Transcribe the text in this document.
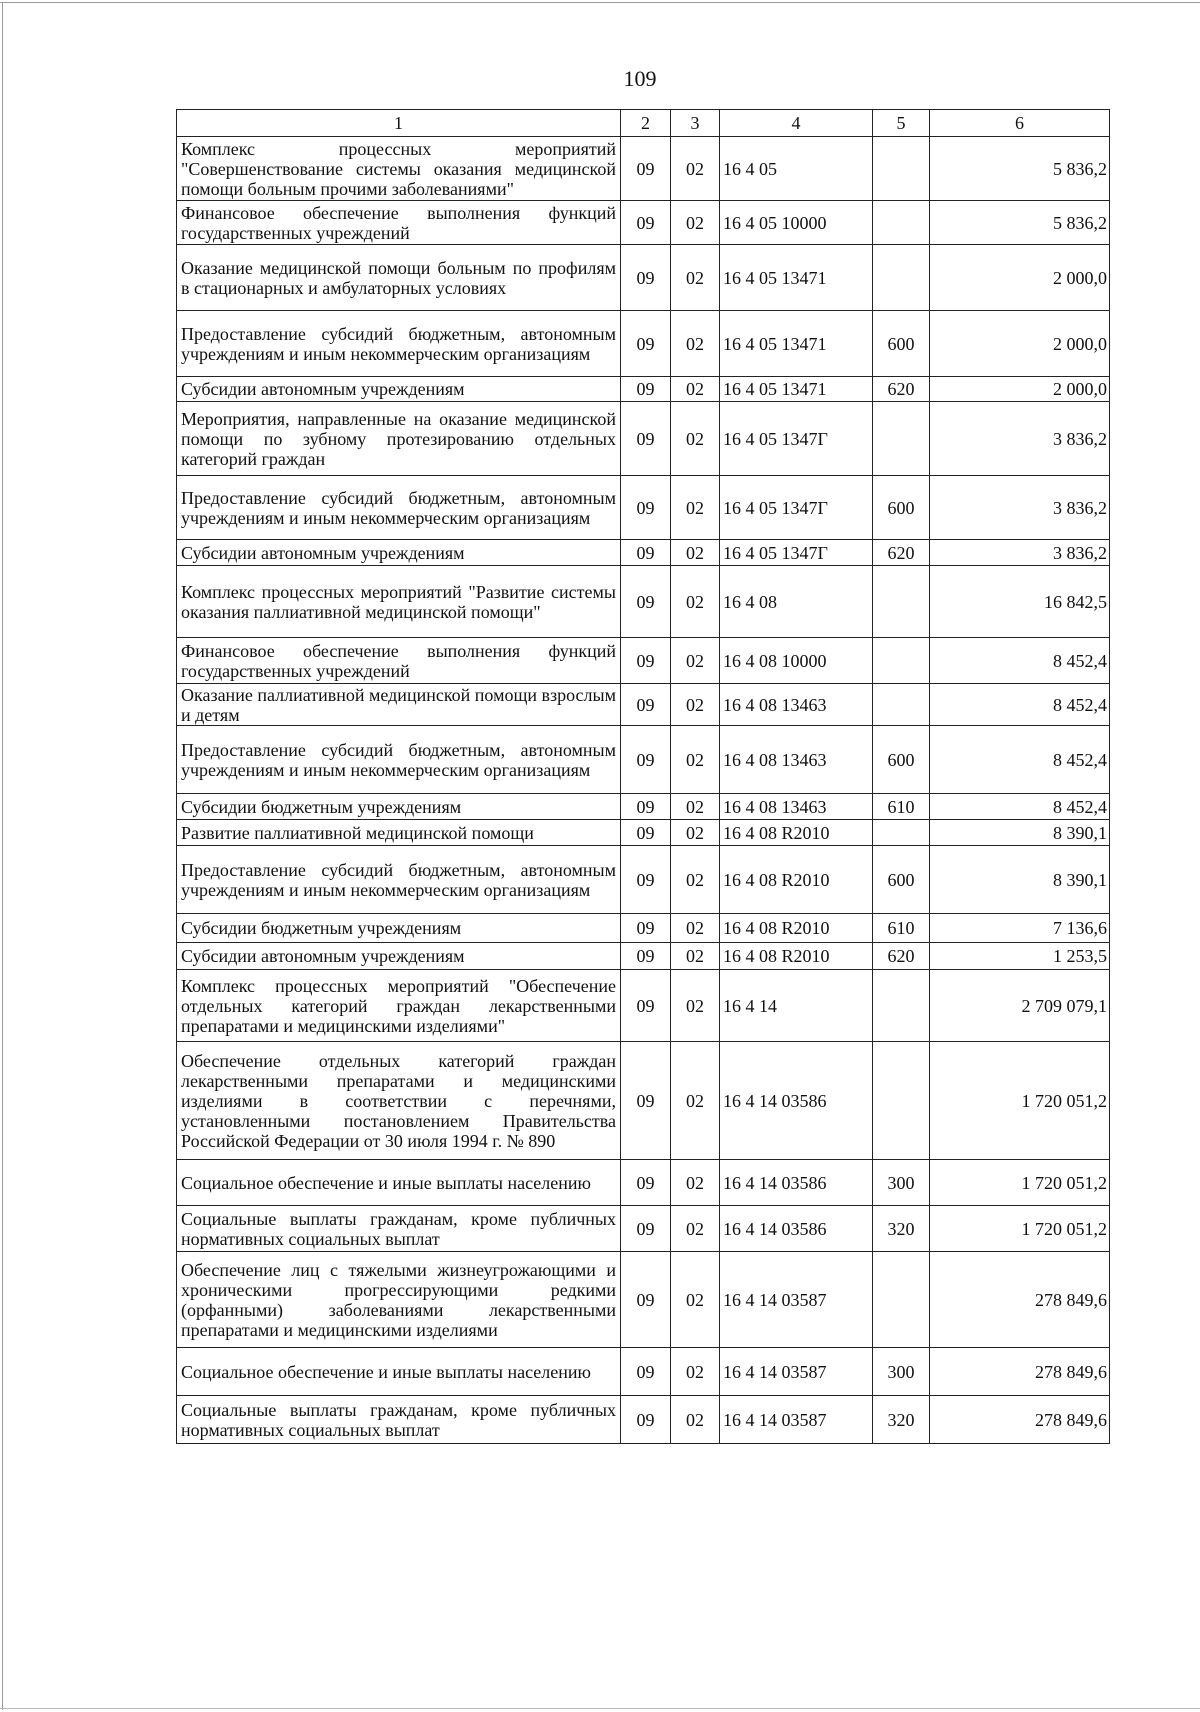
109
1	2	3	4	5	6
Комплекс процессных мероприятий "Совершенствование системы оказания медицинской помощи больным прочими заболеваниями"	09	02	16 4 05		5 836,2
Финансовое обеспечение выполнения функций государственных учреждений	09	02	16 4 05 10000		5 836,2
Оказание медицинской помощи больным по профилям в стационарных и амбулаторных условиях	09	02	16 4 05 13471		2 000,0
Предоставление субсидий бюджетным, автономным учреждениям и иным некоммерческим организациям	09	02	16 4 05 13471	600	2 000,0
Субсидии автономным учреждениям	09	02	16 4 05 13471	620	2 000,0
Мероприятия, направленные на оказание медицинской помощи по зубному протезированию отдельных категорий граждан	09	02	16 4 05 1347Г		3 836,2
Предоставление субсидий бюджетным, автономным учреждениям и иным некоммерческим организациям	09	02	16 4 05 1347Г	600	3 836,2
Субсидии автономным учреждениям	09	02	16 4 05 1347Г	620	3 836,2
Комплекс процессных мероприятий "Развитие системы оказания паллиативной медицинской помощи"	09	02	16 4 08		16 842,5
Финансовое обеспечение выполнения функций государственных учреждений	09	02	16 4 08 10000		8 452,4
Оказание паллиативной медицинской помощи взрослым и детям	09	02	16 4 08 13463		8 452,4
Предоставление субсидий бюджетным, автономным учреждениям и иным некоммерческим организациям	09	02	16 4 08 13463	600	8 452,4
Субсидии бюджетным учреждениям	09	02	16 4 08 13463	610	8 452,4
Развитие паллиативной медицинской помощи	09	02	16 4 08 R2010		8 390,1
Предоставление субсидий бюджетным, автономным учреждениям и иным некоммерческим организациям	09	02	16 4 08 R2010	600	8 390,1
Субсидии бюджетным учреждениям	09	02	16 4 08 R2010	610	7 136,6
Субсидии автономным учреждениям	09	02	16 4 08 R2010	620	1 253,5
Комплекс процессных мероприятий "Обеспечение отдельных категорий граждан лекарственными препаратами и медицинскими изделиями"	09	02	16 4 14		2 709 079,1
Обеспечение отдельных категорий граждан лекарственными препаратами и медицинскими изделиями в соответствии с перечнями, установленными постановлением Правительства Российской Федерации от 30 июля 1994 г. № 890	09	02	16 4 14 03586		1 720 051,2
Социальное обеспечение и иные выплаты населению	09	02	16 4 14 03586	300	1 720 051,2
Социальные выплаты гражданам, кроме публичных нормативных социальных выплат	09	02	16 4 14 03586	320	1 720 051,2
Обеспечение лиц с тяжелыми жизнеугрожающими и хроническими прогрессирующими редкими (орфанными) заболеваниями лекарственными препаратами и медицинскими изделиями	09	02	16 4 14 03587		278 849,6
Социальное обеспечение и иные выплаты населению	09	02	16 4 14 03587	300	278 849,6
Социальные выплаты гражданам, кроме публичных нормативных социальных выплат	09	02	16 4 14 03587	320	278 849,6
